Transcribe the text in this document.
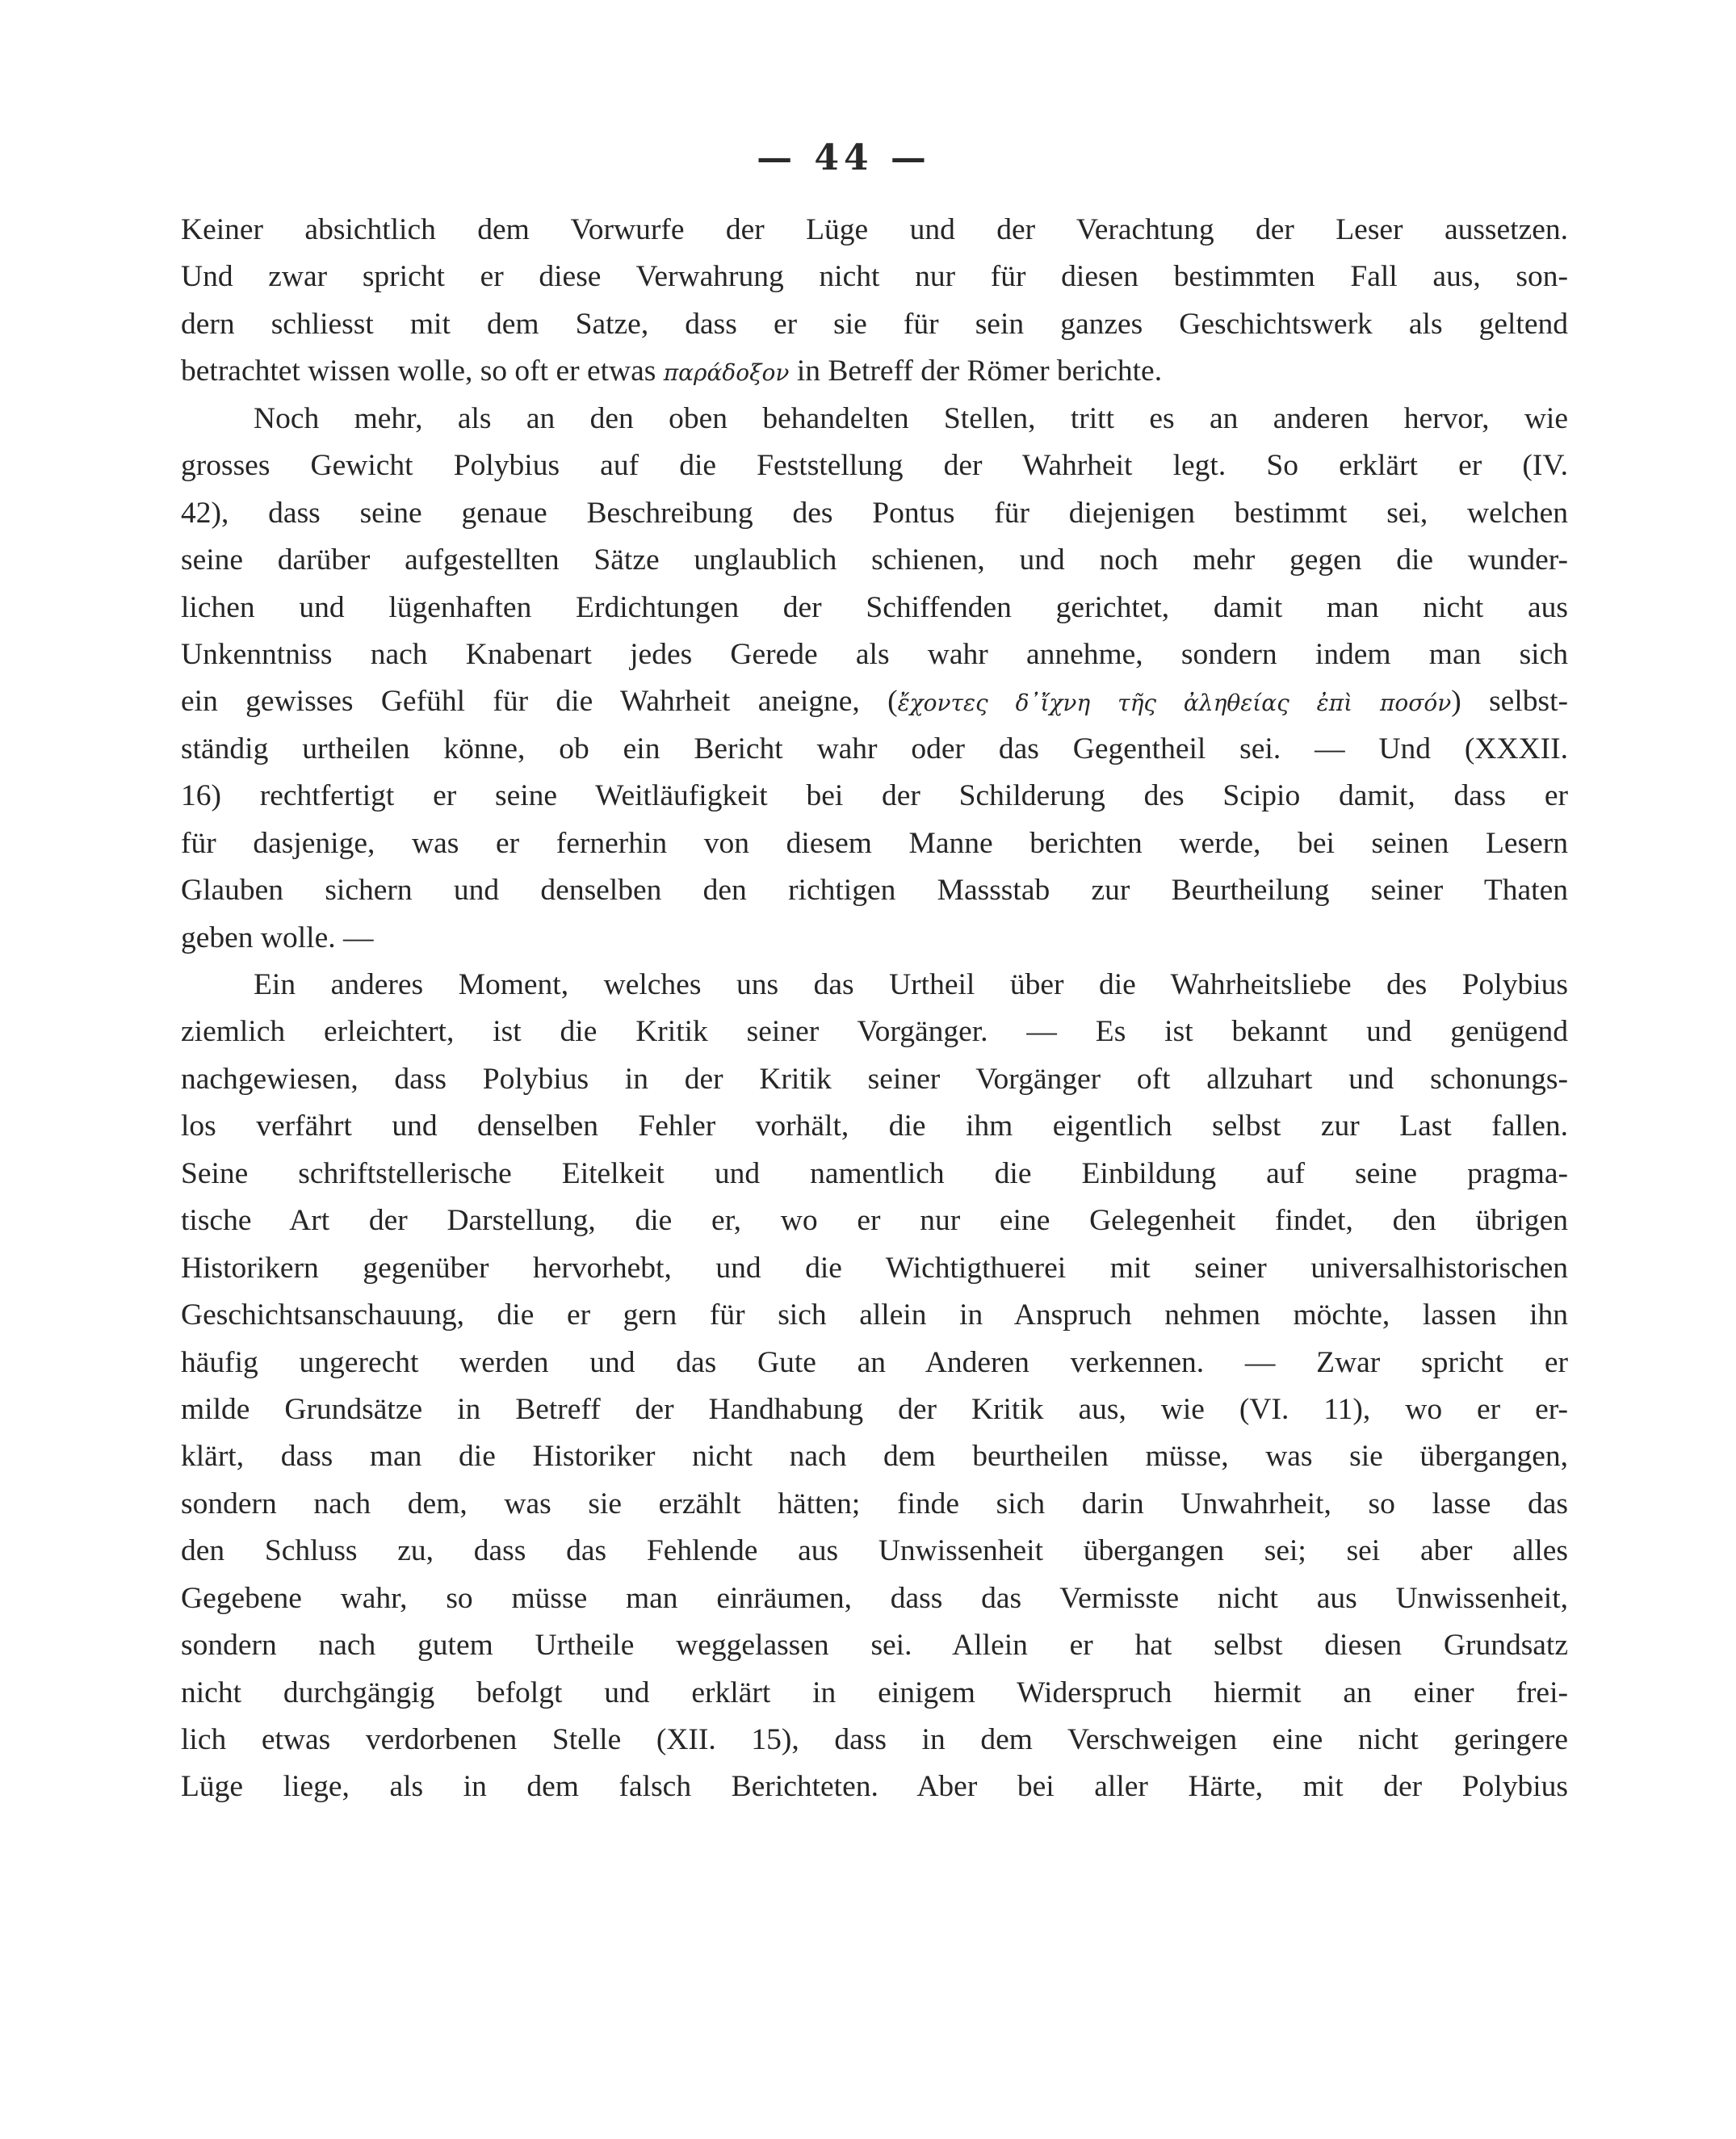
— 44 —
Keiner absichtlich dem Vorwurfe der Lüge und der Verachtung der Leser aussetzen.
Und zwar spricht er diese Verwahrung nicht nur für diesen bestimmten Fall aus, son-
dern schliesst mit dem Satze, dass er sie für sein ganzes Geschichtswerk als geltend
betrachtet wissen wolle, so oft er etwas παράδοξον in Betreff der Römer berichte.
Noch mehr, als an den oben behandelten Stellen, tritt es an anderen hervor, wie
grosses Gewicht Polybius auf die Feststellung der Wahrheit legt. So erklärt er (IV.
42), dass seine genaue Beschreibung des Pontus für diejenigen bestimmt sei, welchen
seine darüber aufgestellten Sätze unglaublich schienen, und noch mehr gegen die wunder-
lichen und lügenhaften Erdichtungen der Schiffenden gerichtet, damit man nicht aus
Unkenntniss nach Knabenart jedes Gerede als wahr annehme, sondern indem man sich
ein gewisses Gefühl für die Wahrheit aneigne, (ἔχοντες δ᾽ἴχνη τῆς ἀληθείας ἐπὶ ποσόν) selbst-
ständig urtheilen könne, ob ein Bericht wahr oder das Gegentheil sei. — Und (XXXII.
16) rechtfertigt er seine Weitläufigkeit bei der Schilderung des Scipio damit, dass er
für dasjenige, was er fernerhin von diesem Manne berichten werde, bei seinen Lesern
Glauben sichern und denselben den richtigen Massstab zur Beurtheilung seiner Thaten
geben wolle. —
Ein anderes Moment, welches uns das Urtheil über die Wahrheitsliebe des Polybius
ziemlich erleichtert, ist die Kritik seiner Vorgänger. — Es ist bekannt und genügend
nachgewiesen, dass Polybius in der Kritik seiner Vorgänger oft allzuhart und schonungs-
los verfährt und denselben Fehler vorhält, die ihm eigentlich selbst zur Last fallen.
Seine schriftstellerische Eitelkeit und namentlich die Einbildung auf seine pragma-
tische Art der Darstellung, die er, wo er nur eine Gelegenheit findet, den übrigen
Historikern gegenüber hervorhebt, und die Wichtigthuerei mit seiner universalhistorischen
Geschichtsanschauung, die er gern für sich allein in Anspruch nehmen möchte, lassen ihn
häufig ungerecht werden und das Gute an Anderen verkennen. — Zwar spricht er
milde Grundsätze in Betreff der Handhabung der Kritik aus, wie (VI. 11), wo er er-
klärt, dass man die Historiker nicht nach dem beurtheilen müsse, was sie übergangen,
sondern nach dem, was sie erzählt hätten; finde sich darin Unwahrheit, so lasse das
den Schluss zu, dass das Fehlende aus Unwissenheit übergangen sei; sei aber alles
Gegebene wahr, so müsse man einräumen, dass das Vermisste nicht aus Unwissenheit,
sondern nach gutem Urtheile weggelassen sei. Allein er hat selbst diesen Grundsatz
nicht durchgängig befolgt und erklärt in einigem Widerspruch hiermit an einer frei-
lich etwas verdorbenen Stelle (XII. 15), dass in dem Verschweigen eine nicht geringere
Lüge liege, als in dem falsch Berichteten. Aber bei aller Härte, mit der Polybius
